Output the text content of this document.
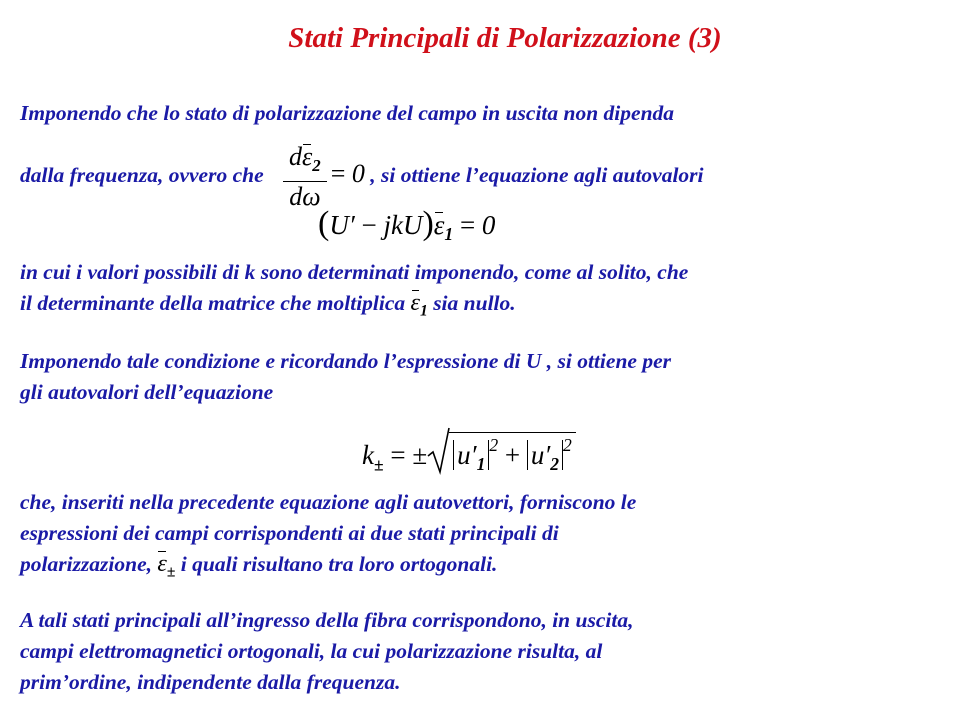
Stati Principali di Polarizzazione (3)
Imponendo che lo stato di polarizzazione del campo in uscita non dipenda
dalla frequenza, ovvero che d
$\varepsilon_2$
dω = 0 , si ottiene l’equazione agli autovalori
(U′ − jkU)
$\varepsilon_1 = 0$
in cui i valori possibili di k sono determinati imponendo, come al solito, che
il determinante della matrice che moltiplica $\varepsilon_1$ sia nullo.
Imponendo tale condizione e ricordando l’espressione di U , si ottiene per
gli autovalori dell’equazione
$k_\pm$ = ± $u'_1^2 + u'_2^2$
che, inseriti nella precedente equazione agli autovettori, forniscono le
espressioni dei campi corrispondenti ai due stati principali di
polarizzazione, $\varepsilon_\pm$ i quali risultano tra loro ortogonali.
A tali stati principali all’ingresso della fibra corrispondono, in uscita,
campi elettromagnetici ortogonali, la cui polarizzazione risulta, al
prim’ordine, indipendente dalla frequenza.
